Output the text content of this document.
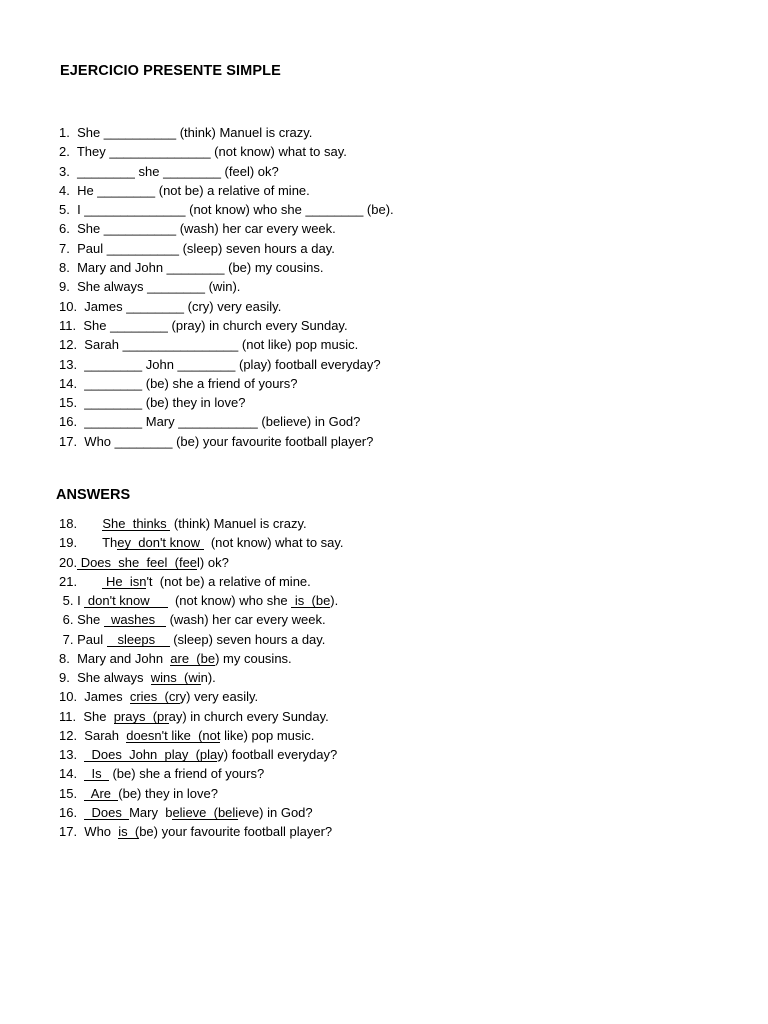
EJERCICIO PRESENTE SIMPLE
1.  She __________ (think) Manuel is crazy.
2.  They ______________ (not know) what to say.
3.  ________ she ________ (feel) ok?
4.  He ________ (not be) a relative of mine.
5.  I ______________ (not know) who she ________ (be).
6.  She __________ (wash) her car every week.
7.  Paul __________ (sleep) seven hours a day.
8.  Mary and John ________ (be) my cousins.
9.  She always ________ (win).
10.  James ________ (cry) very easily.
11.  She ________ (pray) in church every Sunday.
12.  Sarah ________________ (not like) pop music.
13.  ________ John ________ (play) football everyday?
14.  ________ (be) she a friend of yours?
15.  ________ (be) they in love?
16.  ________ Mary ___________ (believe) in God?
17.  Who ________ (be) your favourite football player?
ANSWERS
18.       She  thinks  (think) Manuel is crazy.
19.       They  don't know   (not know) what to say.
20. Does  she  feel  (feel) ok?
21.        He  isn't  (not be) a relative of mine.
5. I  don't know       (not know) who she  is  (be).
6. She   washes    (wash) her car every week.
7. Paul    sleeps     (sleep) seven hours a day.
8.  Mary and John  are  (be) my cousins.
9.  She always  wins  (win).
10.  James  cries  (cry) very easily.
11.  She  prays  (pray) in church every Sunday.
12.  Sarah  doesn't like  (not like) pop music.
13.    Does  John  play  (play) football everyday?
14.    Is   (be) she a friend of yours?
15.    Are  (be) they in love?
16.    Does  Mary  believe  (believe) in God?
17.  Who  is  (be) your favourite football player?
